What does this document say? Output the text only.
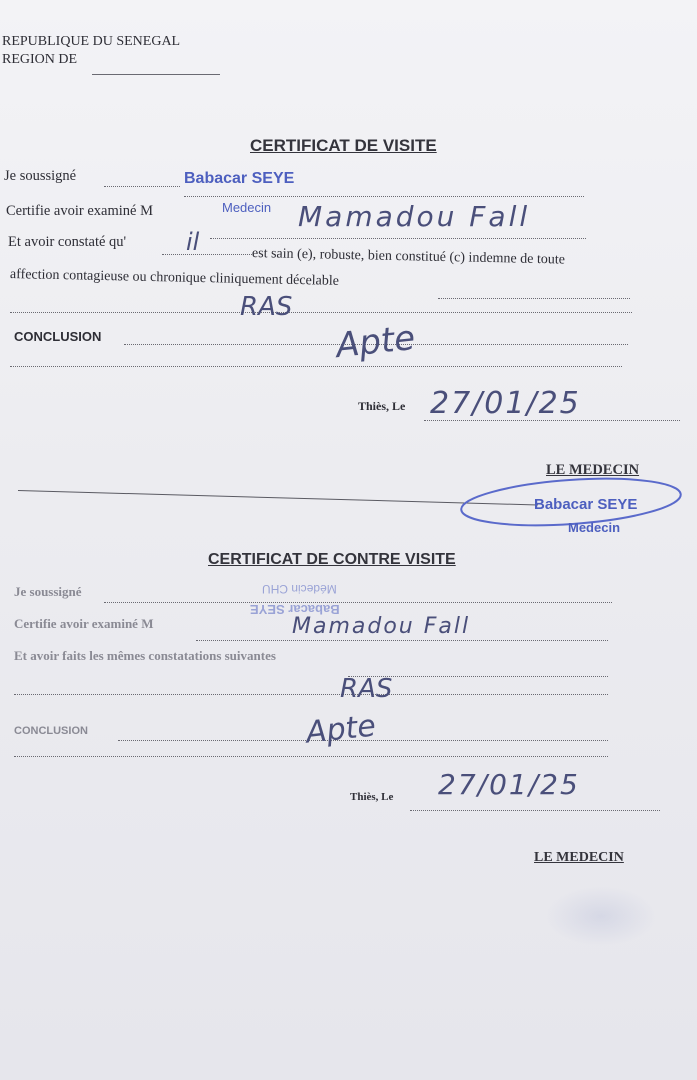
REPUBLIQUE DU SENEGAL
REGION DE
CERTIFICAT DE VISITE
Je soussigné	Babacar SEYE
Certifie avoir examiné M	Medecin Mamadou Fall
Et avoir constaté qu' il
est sain (e), robuste, bien constitué (c) indemne de toute
affection contagieuse ou chronique cliniquement décelable
RAS
CONCLUSION	Apte
Thiès, Le 27/01/25
LE MEDECIN
Babacar SEYE
Medecin
CERTIFICAT DE CONTRE VISITE
Je soussigné	Médecin CHU
Babacar SEYE
Certifie avoir examiné M	Mamadou Fall
Et avoir faits les mêmes constatations suivantes
RAS
CONCLUSION	Apte
Thiès, Le 27/01/25
LE MEDECIN
